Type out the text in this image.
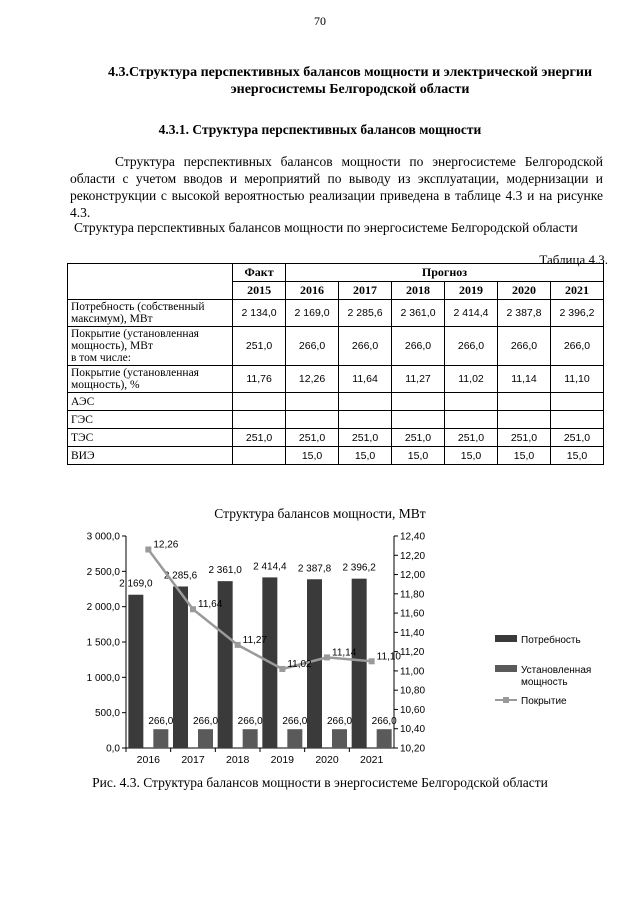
70
4.3.Структура перспективных балансов мощности и электрической энергии энергосистемы Белгородской области
4.3.1. Структура перспективных балансов мощности
Структура перспективных балансов мощности по энергосистеме Белгородской области с учетом вводов и мероприятий по выводу из эксплуатации, модернизации и реконструкции с высокой вероятностью реализации приведена в таблице 4.3 и на рисунке 4.3.
Структура перспективных балансов мощности по энергосистеме Белгородской области
Таблица 4.3.
	Факт	Прогноз					
	2015	2016	2017	2018	2019	2020	2021
Потребность (собственный максимум), МВт	2 134,0	2 169,0	2 285,6	2 361,0	2 414,4	2 387,8	2 396,2
Покрытие (установленная мощность), МВт
в том числе:	251,0	266,0	266,0	266,0	266,0	266,0	266,0
Покрытие (установленная мощность), %	11,76	12,26	11,64	11,27	11,02	11,14	11,10
АЭС							
ГЭС							
ТЭС	251,0	251,0	251,0	251,0	251,0	251,0	251,0
ВИЭ		15,0	15,0	15,0	15,0	15,0	15,0
Структура балансов мощности, МВт
0,0
500,0
1 000,0
1 500,0
2 000,0
2 500,0
3 000,0
10,20
10,40
10,60
10,80
11,00
11,20
11,40
11,60
11,80
12,00
12,20
12,40
2016
2 169,0
266,0
2017
2 285,6
266,0
2018
2 361,0
266,0
2019
2 414,4
266,0
2020
2 387,8
266,0
2021
2 396,2
266,0
12,26
11,64
11,27
11,02
11,14 11,10
Потребность
Установленная мощность
Покрытие
Рис. 4.3. Структура балансов мощности в энергосистеме Белгородской области
